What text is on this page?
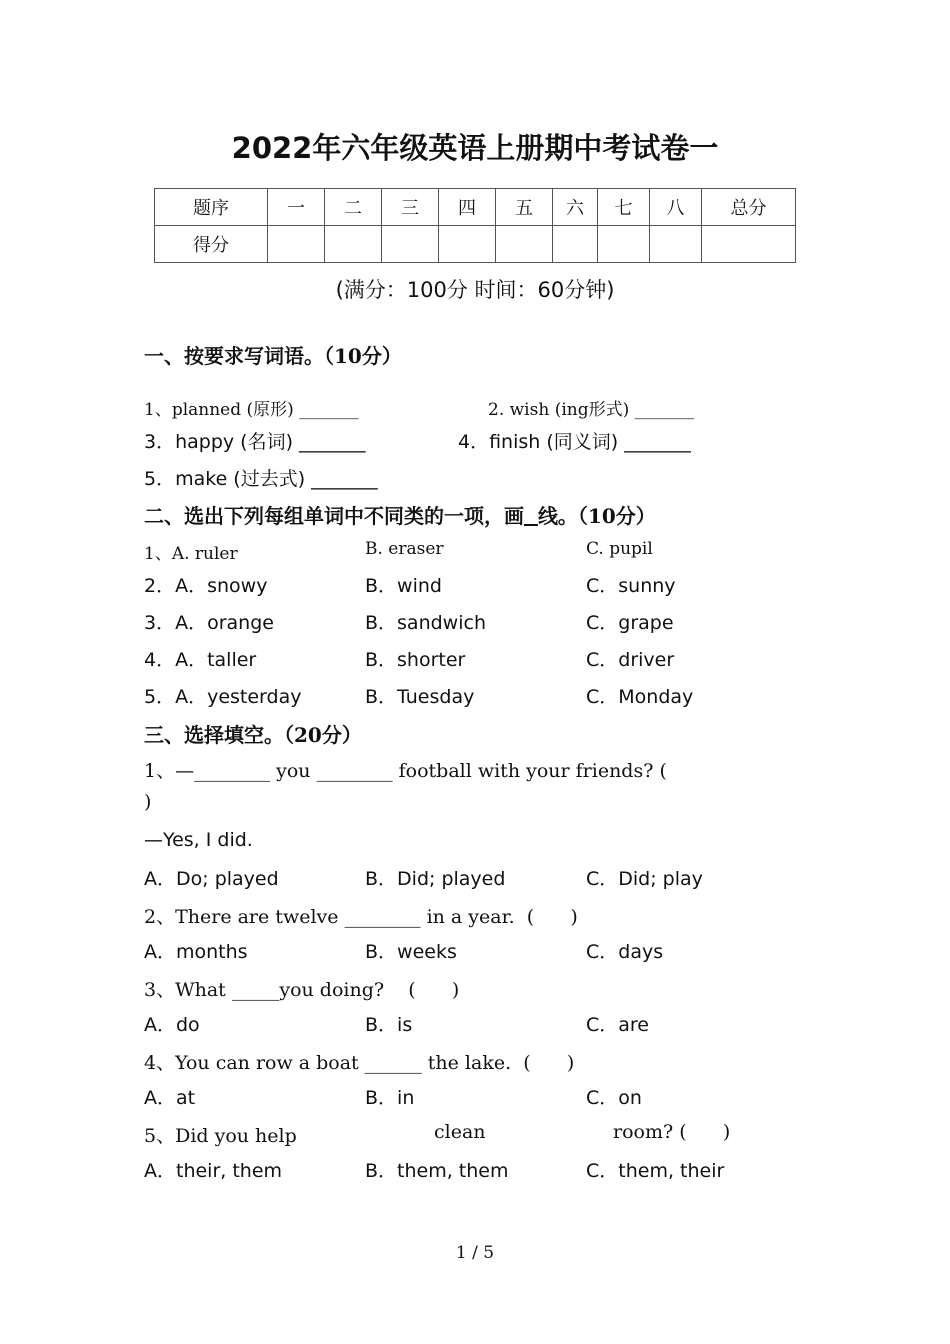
2022年六年级英语上册期中考试卷一
题序	一	二	三	四	五	六	七	八	总分
得分									
(满分：100分 时间：60分钟)
一、按要求写词语。（10分）
1、planned (原形) _______	2. wish (ing形式) _______
3．happy (名词) _______	4．finish (同义词) _______
5．make (过去式) _______
二、选出下列每组单词中不同类的一项，画 线。（10分）
1、A. ruler	B. eraser	C. pupil
2．A．snowy	B．wind	C．sunny
3．A．orange	B．sandwich	C．grape
4．A．taller	B．shorter	C．driver
5．A．yesterday	B．Tuesday	C．Monday
三、选择填空。（20分）
1、—________ you ________ football with your friends? (
)
—Yes, I did.
A．Do; played	B．Did; played	C．Did; play
2、There are twelve ________ in a year.  (      )
A．months	B．weeks	C．days
3、What _____you doing?    (      )
A．do	B．is	C．are
4、You can row a boat ______ the lake.  (      )
A．at	B．in	C．on
5、Did you help	clean	room? (      )
A．their, them	B．them, them	C．them, their
1 / 5
